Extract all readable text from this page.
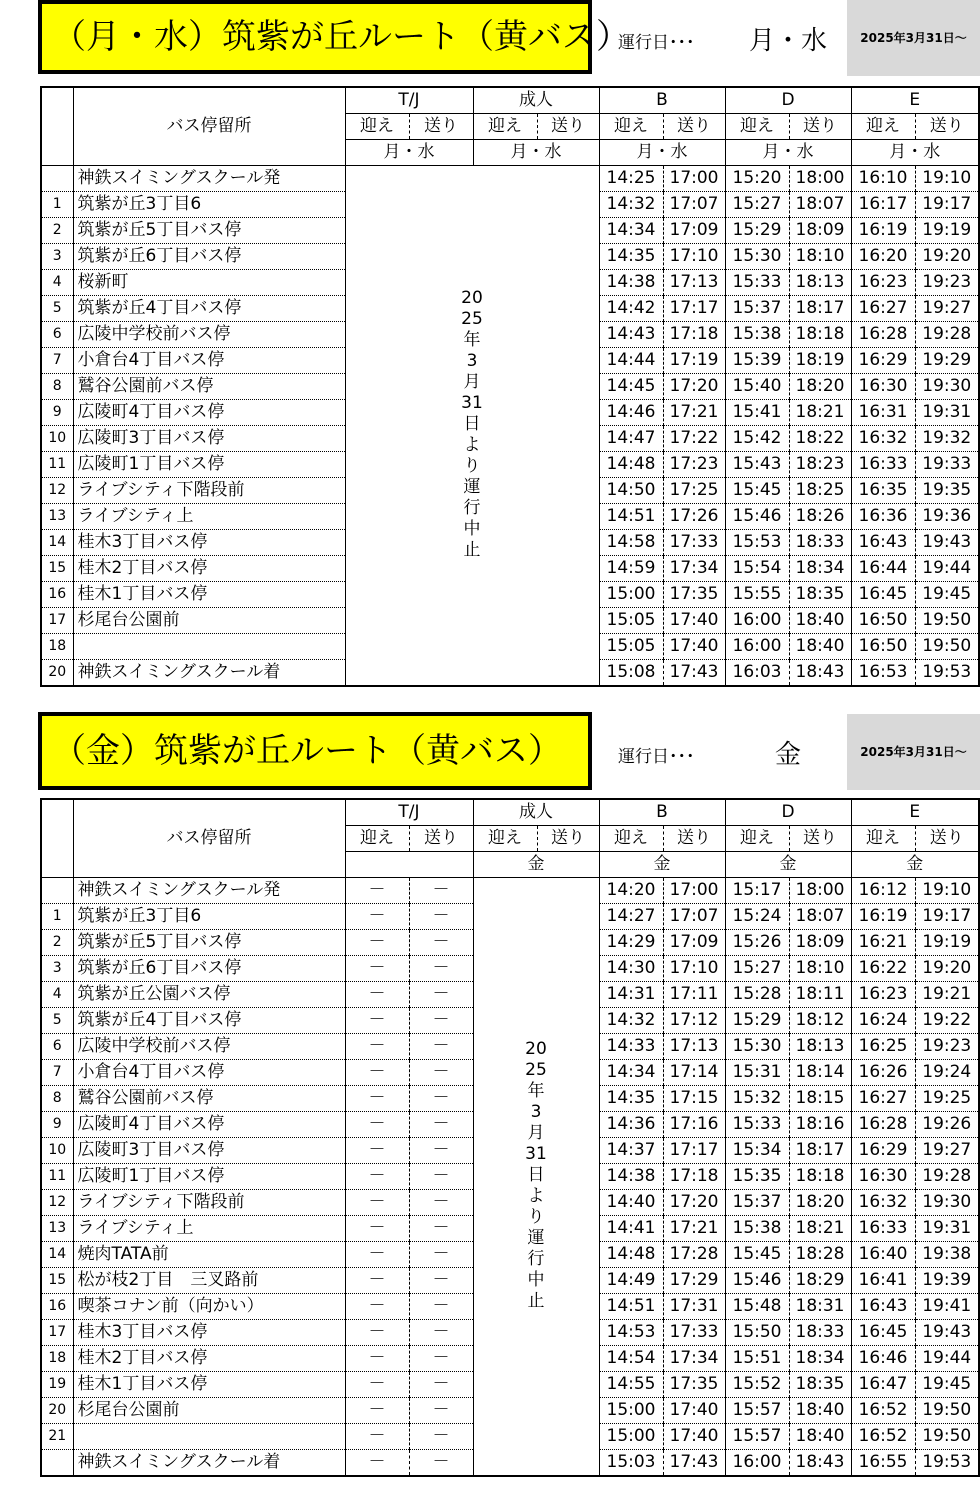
（月・水）筑紫が丘ルート（黄バス）
運行日･･･	月・水	2025年3月31日～
	バス停留所	T/J		成人		B		D		E	
		迎え	送り	迎え	送り	迎え	送り	迎え	送り	迎え	送り
		月・水		月・水		月・水		月・水		月・水	
	神鉄スイミングスクール発	2025年3月31日より運行中止				14:25	17:00	15:20	18:00	16:10	19:10
1	筑紫が丘3丁目6					14:32	17:07	15:27	18:07	16:17	19:17
2	筑紫が丘5丁目バス停					14:34	17:09	15:29	18:09	16:19	19:19
3	筑紫が丘6丁目バス停					14:35	17:10	15:30	18:10	16:20	19:20
4	桜新町					14:38	17:13	15:33	18:13	16:23	19:23
5	筑紫が丘4丁目バス停					14:42	17:17	15:37	18:17	16:27	19:27
6	広陵中学校前バス停					14:43	17:18	15:38	18:18	16:28	19:28
7	小倉台4丁目バス停					14:44	17:19	15:39	18:19	16:29	19:29
8	鷲谷公園前バス停					14:45	17:20	15:40	18:20	16:30	19:30
9	広陵町4丁目バス停					14:46	17:21	15:41	18:21	16:31	19:31
10	広陵町3丁目バス停					14:47	17:22	15:42	18:22	16:32	19:32
11	広陵町1丁目バス停					14:48	17:23	15:43	18:23	16:33	19:33
12	ライブシティ下階段前					14:50	17:25	15:45	18:25	16:35	19:35
13	ライブシティ上					14:51	17:26	15:46	18:26	16:36	19:36
14	桂木3丁目バス停					14:58	17:33	15:53	18:33	16:43	19:43
15	桂木2丁目バス停					14:59	17:34	15:54	18:34	16:44	19:44
16	桂木1丁目バス停					15:00	17:35	15:55	18:35	16:45	19:45
17	杉尾台公園前					15:05	17:40	16:00	18:40	16:50	19:50
18						15:05	17:40	16:00	18:40	16:50	19:50
20	神鉄スイミングスクール着					15:08	17:43	16:03	18:43	16:53	19:53
（金）筑紫が丘ルート（黄バス）	運行日･･･	金	2025年3月31日～
	バス停留所	T/J		成人		B		D		E	
		迎え	送り	迎え	送り	迎え	送り	迎え	送り	迎え	送り
				金		金		金		金	
	神鉄スイミングスクール発	－	－	2025年3月31日より運行中止		14:20	17:00	15:17	18:00	16:12	19:10
1	筑紫が丘3丁目6	－	－			14:27	17:07	15:24	18:07	16:19	19:17
2	筑紫が丘5丁目バス停	－	－			14:29	17:09	15:26	18:09	16:21	19:19
3	筑紫が丘6丁目バス停	－	－			14:30	17:10	15:27	18:10	16:22	19:20
4	筑紫が丘公園バス停	－	－			14:31	17:11	15:28	18:11	16:23	19:21
5	筑紫が丘4丁目バス停	－	－			14:32	17:12	15:29	18:12	16:24	19:22
6	広陵中学校前バス停	－	－			14:33	17:13	15:30	18:13	16:25	19:23
7	小倉台4丁目バス停	－	－			14:34	17:14	15:31	18:14	16:26	19:24
8	鷲谷公園前バス停	－	－			14:35	17:15	15:32	18:15	16:27	19:25
9	広陵町4丁目バス停	－	－			14:36	17:16	15:33	18:16	16:28	19:26
10	広陵町3丁目バス停	－	－			14:37	17:17	15:34	18:17	16:29	19:27
11	広陵町1丁目バス停	－	－			14:38	17:18	15:35	18:18	16:30	19:28
12	ライブシティ下階段前	－	－			14:40	17:20	15:37	18:20	16:32	19:30
13	ライブシティ上	－	－			14:41	17:21	15:38	18:21	16:33	19:31
14	焼肉TATA前	－	－			14:48	17:28	15:45	18:28	16:40	19:38
15	松が枝2丁目　三叉路前	－	－			14:49	17:29	15:46	18:29	16:41	19:39
16	喫茶コナン前（向かい）	－	－			14:51	17:31	15:48	18:31	16:43	19:41
17	桂木3丁目バス停	－	－			14:53	17:33	15:50	18:33	16:45	19:43
18	桂木2丁目バス停	－	－			14:54	17:34	15:51	18:34	16:46	19:44
19	桂木1丁目バス停	－	－			14:55	17:35	15:52	18:35	16:47	19:45
20	杉尾台公園前	－	－			15:00	17:40	15:57	18:40	16:52	19:50
21		－	－			15:00	17:40	15:57	18:40	16:52	19:50
	神鉄スイミングスクール着	－	－			15:03	17:43	16:00	18:43	16:55	19:53
